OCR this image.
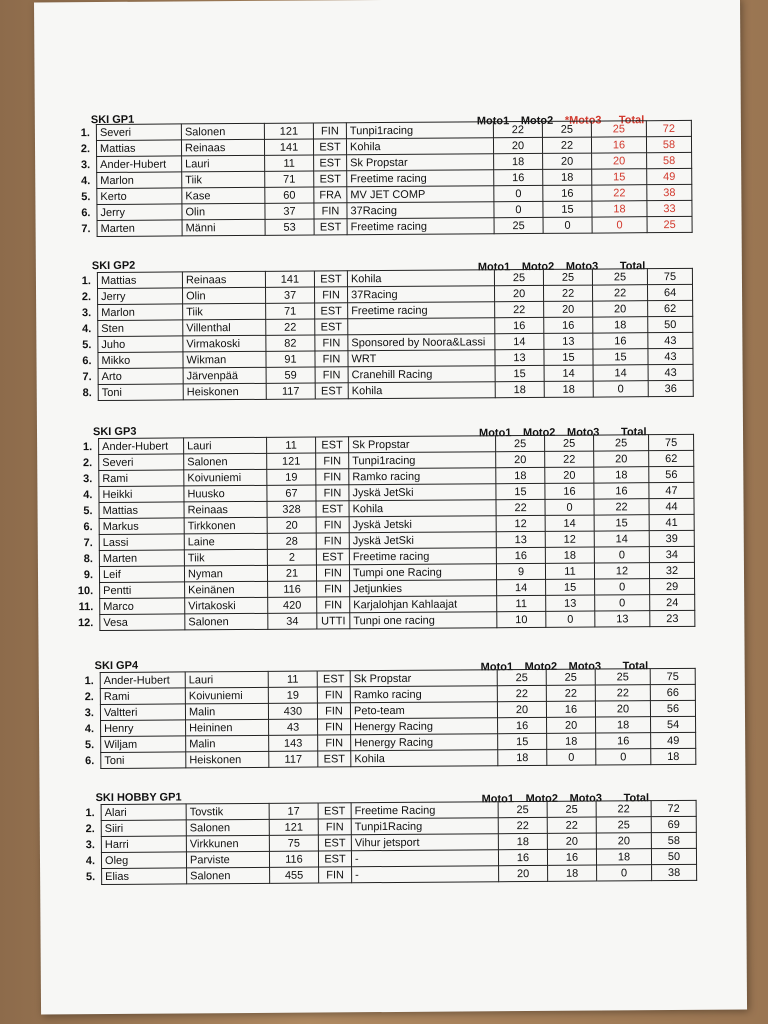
SKI GP1	Moto1 Moto2 *Moto3 Total
1.	Severi	Salonen	121	FIN	Tunpi1racing	22	25	25	72
2.	Mattias	Reinaas	141	EST	Kohila	20	22	16	58
3.	Ander-Hubert	Lauri	11	EST	Sk Propstar	18	20	20	58
4.	Marlon	Tiik	71	EST	Freetime racing	16	18	15	49
5.	Kerto	Kase	60	FRA	MV JET COMP	0	16	22	38
6.	Jerry	Olin	37	FIN	37Racing	0	15	18	33
7.	Marten	Männi	53	EST	Freetime racing	25	0	0	25
SKI GP2	Moto1 Moto2 Moto3 Total
1.	Mattias	Reinaas	141	EST	Kohila	25	25	25	75
2.	Jerry	Olin	37	FIN	37Racing	20	22	22	64
3.	Marlon	Tiik	71	EST	Freetime racing	22	20	20	62
4.	Sten	Villenthal	22	EST		16	16	18	50
5.	Juho	Virmakoski	82	FIN	Sponsored by Noora&Lassi	14	13	16	43
6.	Mikko	Wikman	91	FIN	WRT	13	15	15	43
7.	Arto	Järvenpää	59	FIN	Cranehill Racing	15	14	14	43
8.	Toni	Heiskonen	117	EST	Kohila	18	18	0	36
SKI GP3	Moto1 Moto2 Moto3 Total
1.	Ander-Hubert	Lauri	11	EST	Sk Propstar	25	25	25	75
2.	Severi	Salonen	121	FIN	Tunpi1racing	20	22	20	62
3.	Rami	Koivuniemi	19	FIN	Ramko racing	18	20	18	56
4.	Heikki	Huusko	67	FIN	Jyskä JetSki	15	16	16	47
5.	Mattias	Reinaas	328	EST	Kohila	22	0	22	44
6.	Markus	Tirkkonen	20	FIN	Jyskä Jetski	12	14	15	41
7.	Lassi	Laine	28	FIN	Jyskä JetSki	13	12	14	39
8.	Marten	Tiik	2	EST	Freetime racing	16	18	0	34
9.	Leif	Nyman	21	FIN	Tumpi one Racing	9	11	12	32
10.	Pentti	Keinänen	116	FIN	Jetjunkies	14	15	0	29
11.	Marco	Virtakoski	420	FIN	Karjalohjan Kahlaajat	11	13	0	24
12.	Vesa	Salonen	34	UTTI	Tunpi one racing	10	0	13	23
SKI GP4	Moto1 Moto2 Moto3 Total
1.	Ander-Hubert	Lauri	11	EST	Sk Propstar	25	25	25	75
2.	Rami	Koivuniemi	19	FIN	Ramko racing	22	22	22	66
3.	Valtteri	Malin	430	FIN	Peto-team	20	16	20	56
4.	Henry	Heininen	43	FIN	Henergy Racing	16	20	18	54
5.	Wiljam	Malin	143	FIN	Henergy Racing	15	18	16	49
6.	Toni	Heiskonen	117	EST	Kohila	18	0	0	18
SKI HOBBY GP1	Moto1 Moto2 Moto3 Total
1.	Alari	Tovstik	17	EST	Freetime Racing	25	25	22	72
2.	Siiri	Salonen	121	FIN	Tunpi1Racing	22	22	25	69
3.	Harri	Virkkunen	75	EST	Vihur jetsport	18	20	20	58
4.	Oleg	Parviste	116	EST	-	16	16	18	50
5.	Elias	Salonen	455	FIN	-	20	18	0	38
